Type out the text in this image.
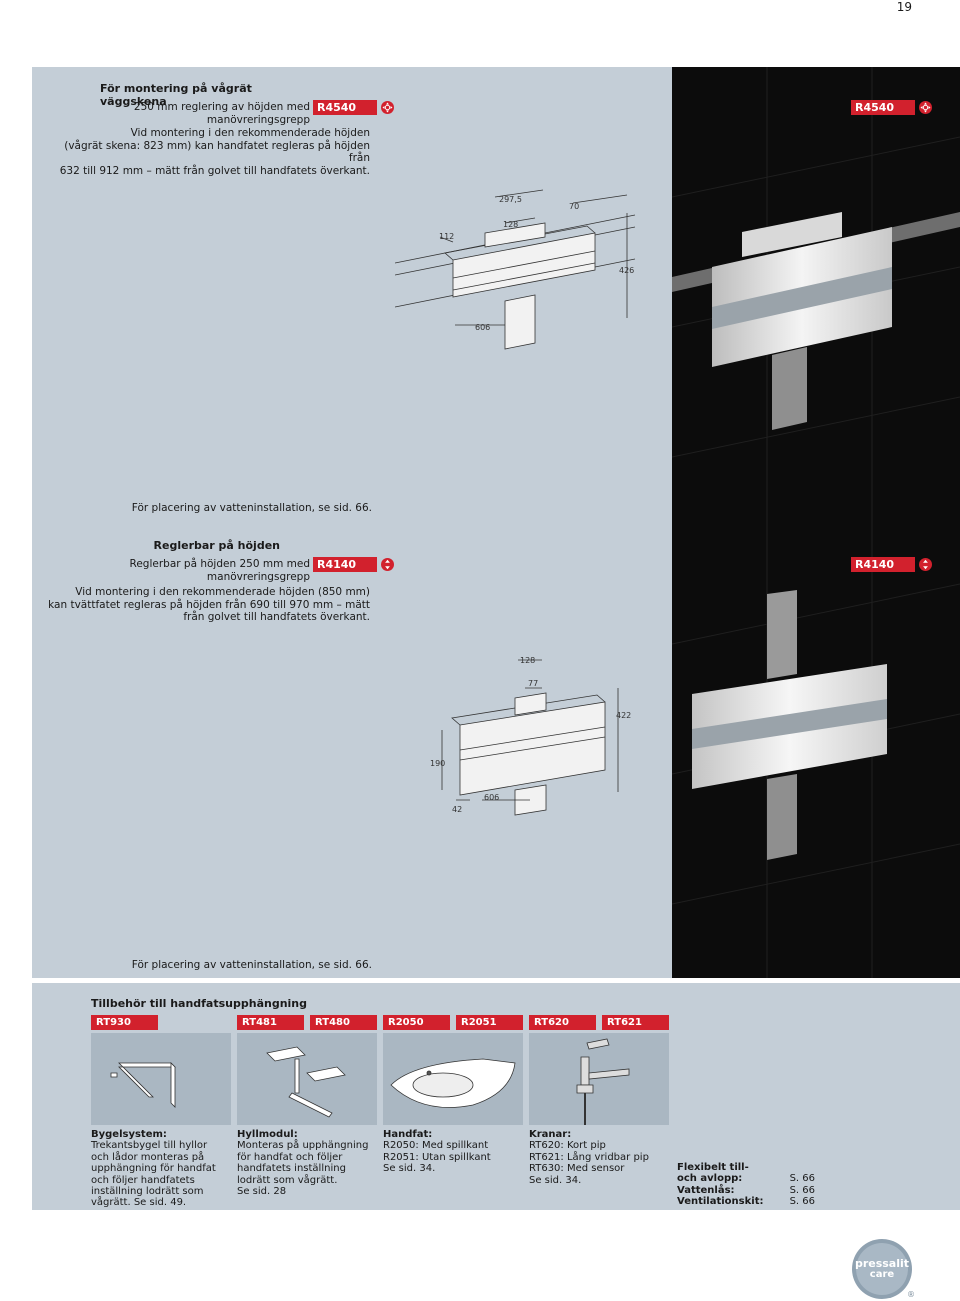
19
För montering på vågrät väggskena
250 mm reglering av höjden med manövreringsgrepp
R4540
Vid montering i den rekommenderade höjden
(vågrät skena: 823 mm) kan handfatet regleras på höjden från
632 till 912 mm – mätt från golvet till handfatets överkant.
297,5
70
128
112
426
606
För placering av vatteninstallation, se sid. 66.
R4540
Reglerbar på höjden
Reglerbar på höjden 250 mm med manövreringsgrepp
R4140
Vid montering i den rekommenderade höjden (850 mm)
kan tvättfatet regleras på höjden från 690 till 970 mm – mätt
från golvet till handfatets överkant.
128
77
422
190
606
42
För placering av vatteninstallation, se sid. 66.
R4140
Tillbehör till handfatsupphängning
RT930	RT481	RT480	R2050	R2051	RT620	RT621
Bygelsystem:
Trekantsbygel till hyllor
och lådor monteras på
upphängning för handfat
och följer handfatets
inställning lodrätt som
vågrätt. Se sid. 49.
Hyllmodul:
Monteras på upphängning
för handfat och följer
handfatets inställning
lodrätt som vågrätt.
Se sid. 28
Handfat:
R2050: Med spillkant
R2051: Utan spillkant
Se sid. 34.
Kranar:
RT620: Kort pip
RT621: Lång vridbar pip
RT630: Med sensor
Se sid. 34.
Flexibelt till-
och avlopp:	S. 66
Vattenlås:	S. 66
Ventilationskit:	S. 66
pressalit
care
®
